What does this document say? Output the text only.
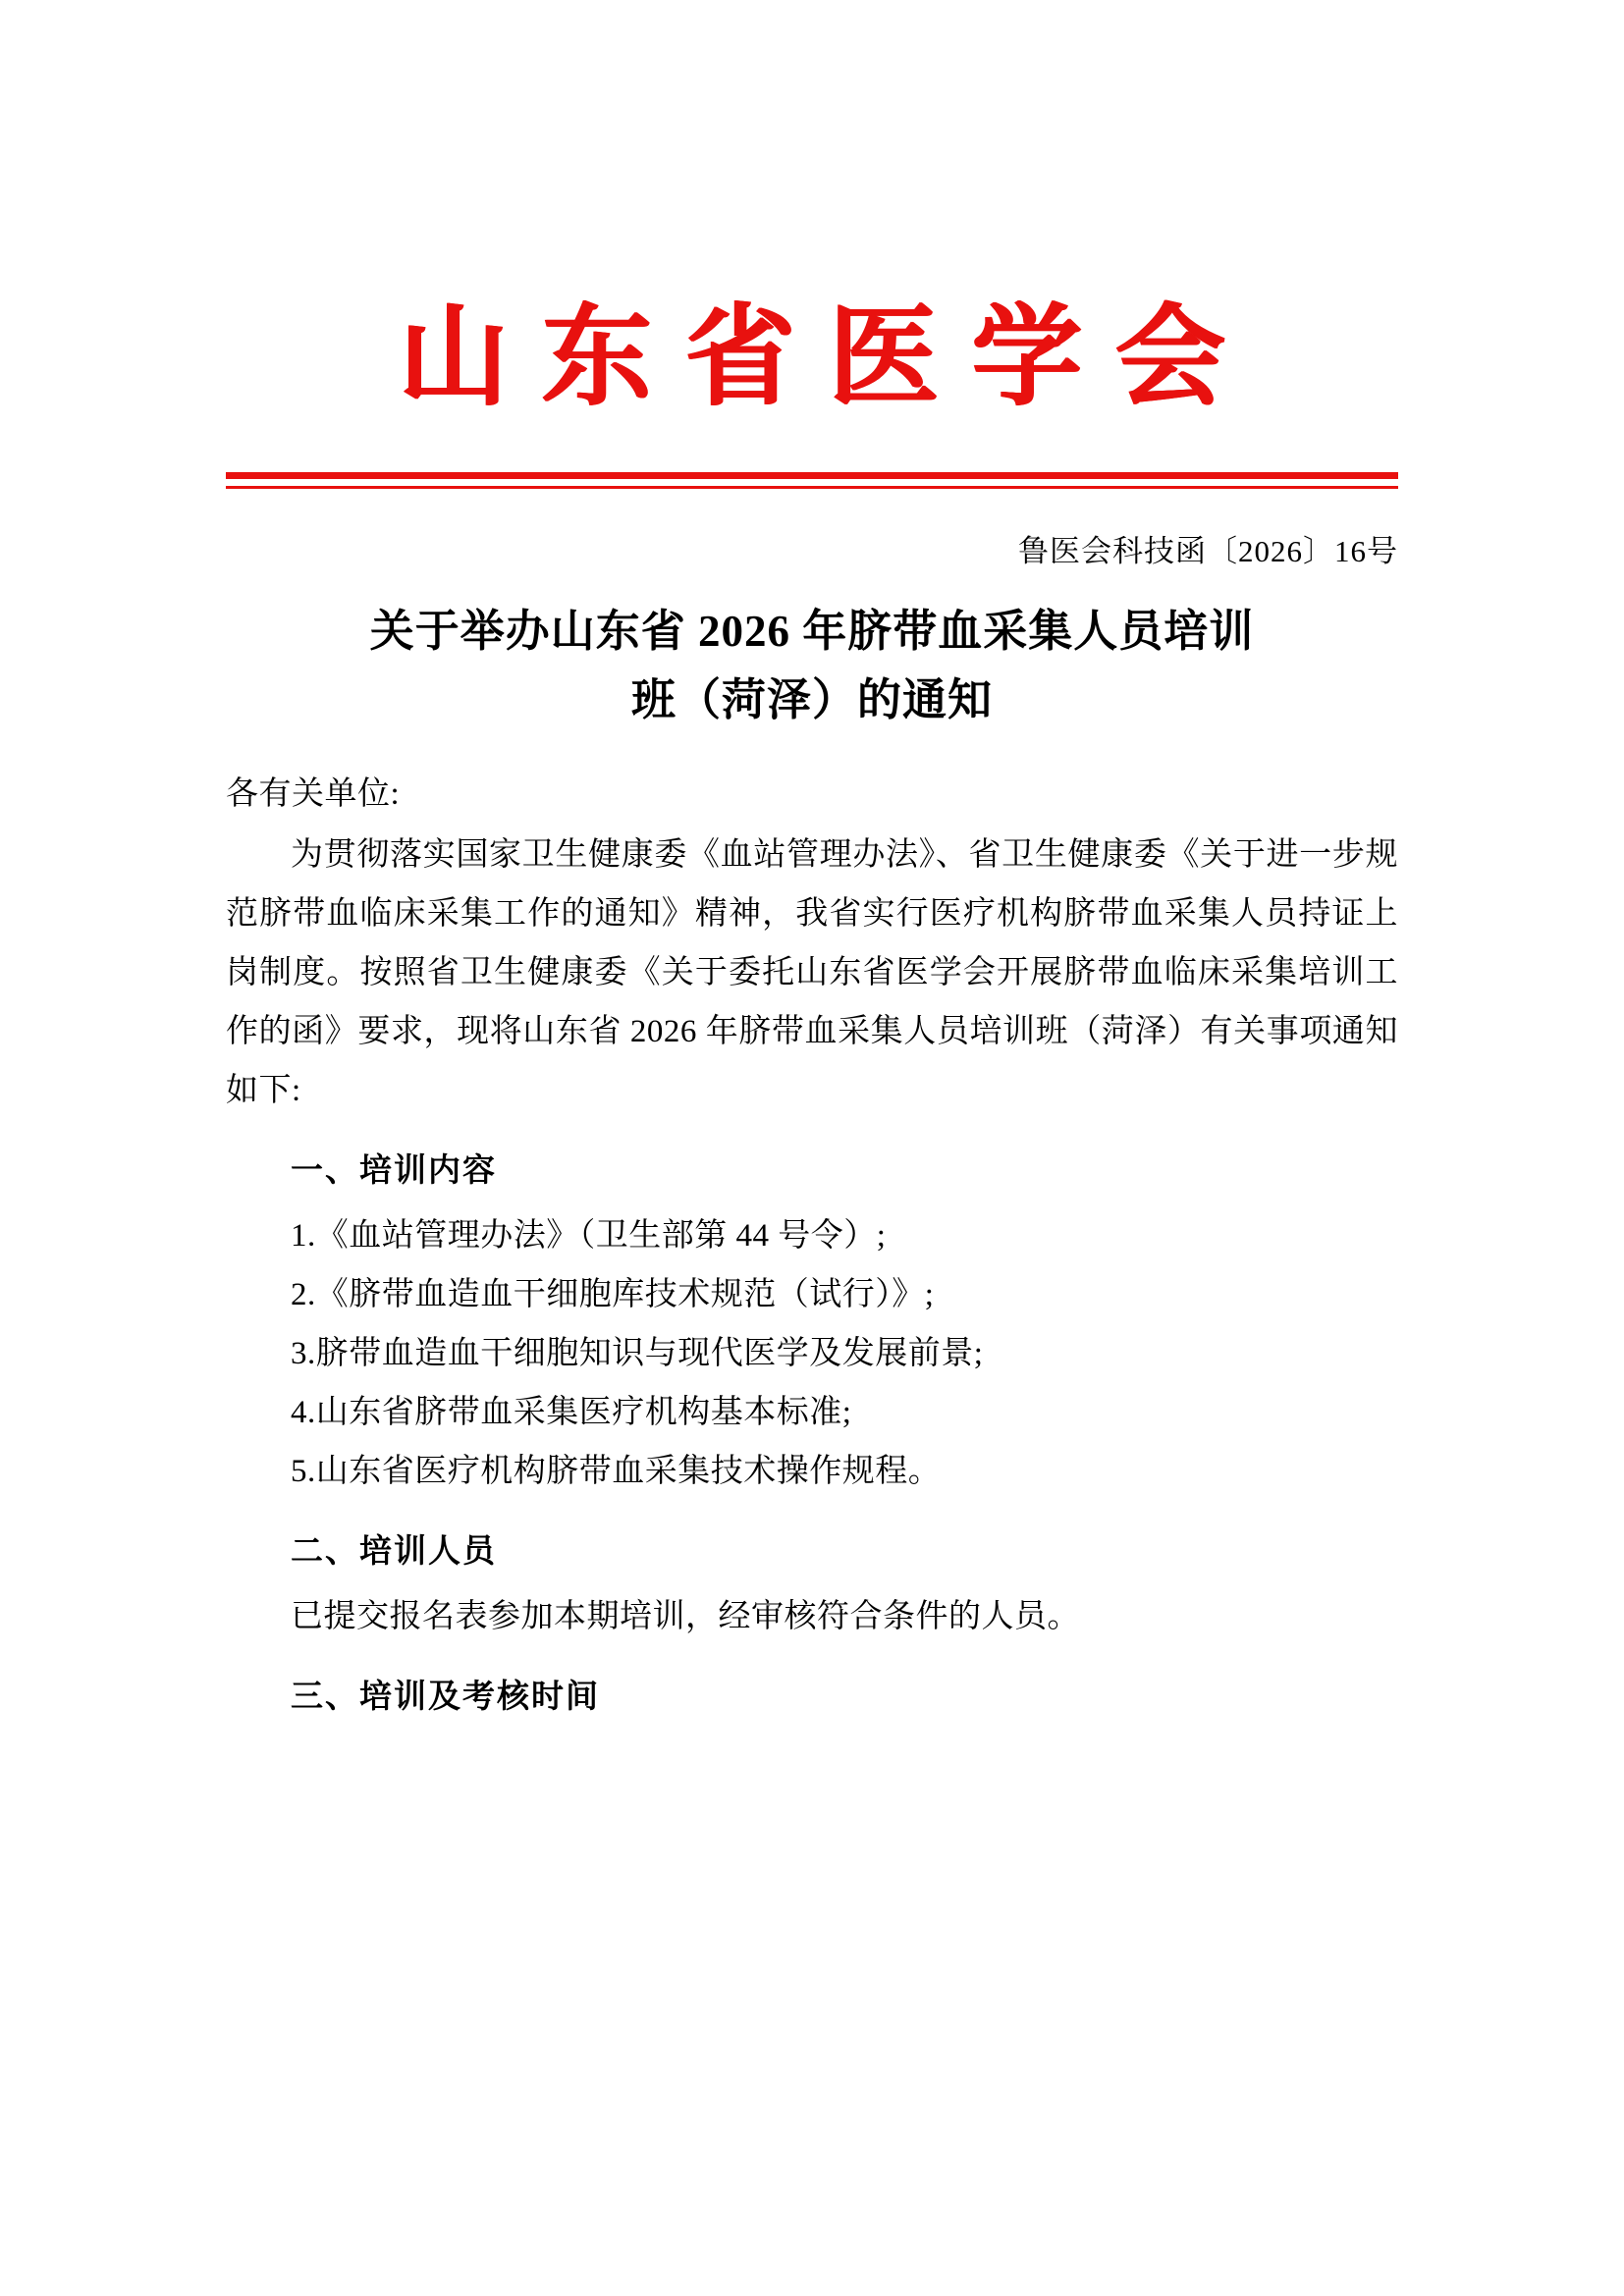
山东省医学会
鲁医会科技函〔2026〕16号
关于举办山东省 2026 年脐带血采集人员培训
班（菏泽）的通知

各有关单位:

为贯彻落实国家卫生健康委《血站管理办法》、省卫生健康委《关于进一步规范脐带血临床采集工作的通知》精神，我省实行医疗机构脐带血采集人员持证上岗制度。按照省卫生健康委《关于委托山东省医学会开展脐带血临床采集培训工作的函》要求，现将山东省 2026 年脐带血采集人员培训班（菏泽）有关事项通知如下:

一、培训内容

1.《血站管理办法》（卫生部第 44 号令）;

2.《脐带血造血干细胞库技术规范（试行）》;

3.脐带血造血干细胞知识与现代医学及发展前景;

4.山东省脐带血采集医疗机构基本标准;

5.山东省医疗机构脐带血采集技术操作规程。

二、培训人员

已提交报名表参加本期培训，经审核符合条件的人员。

三、培训及考核时间
